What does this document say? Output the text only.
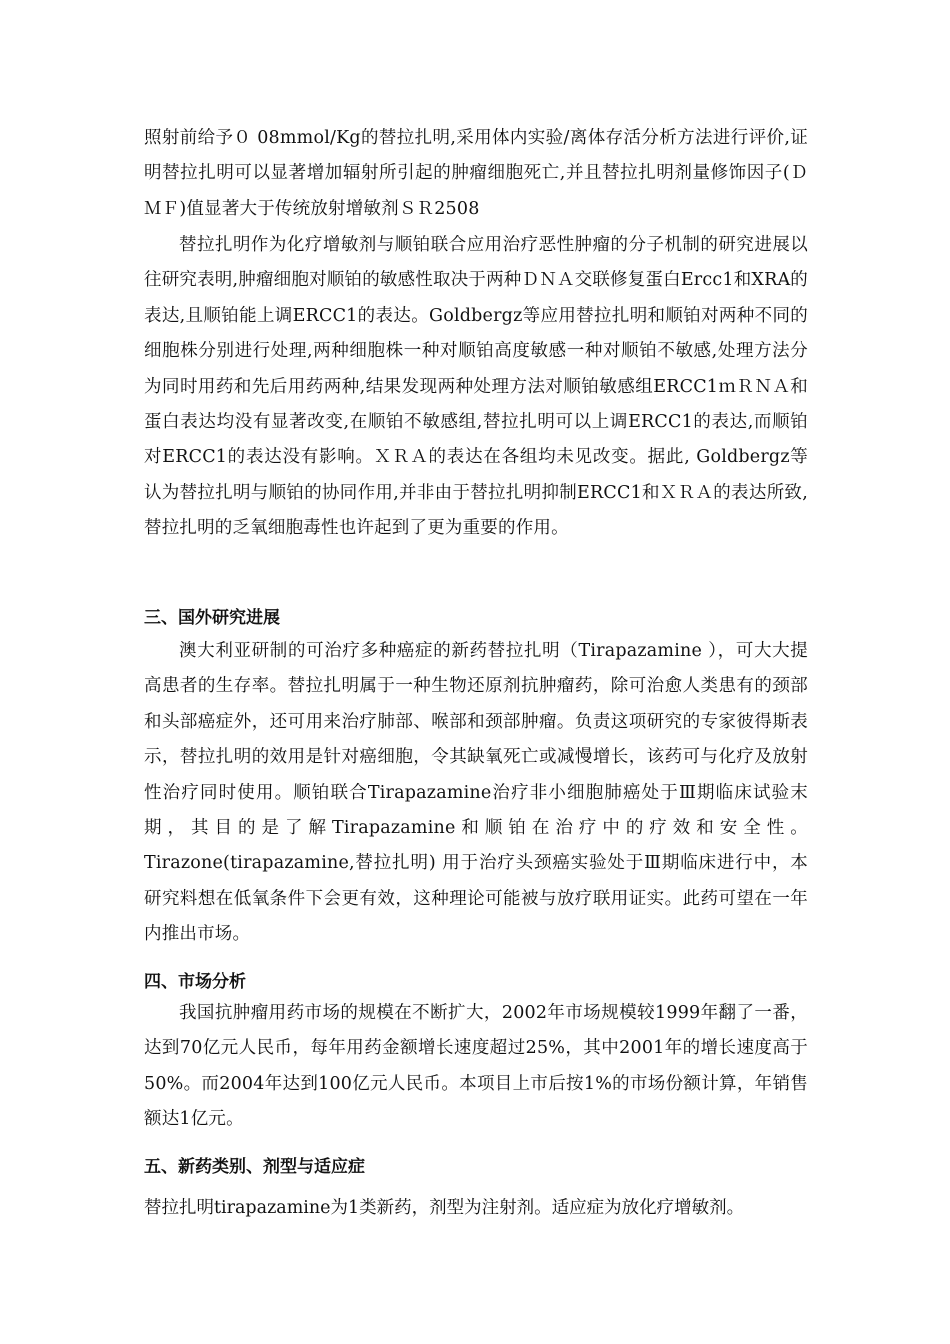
照射前给予０ 08mmol/Kg的替拉扎明,采用体内实验/离体存活分析方法进行评价,证明替拉扎明可以显著增加辐射所引起的肿瘤细胞死亡,并且替拉扎明剂量修饰因子(ＤＭＦ)值显著大于传统放射增敏剂ＳＲ2508
替拉扎明作为化疗增敏剂与顺铂联合应用治疗恶性肿瘤的分子机制的研究进展以往研究表明,肿瘤细胞对顺铂的敏感性取决于两种ＤＮＡ交联修复蛋白Ercc1和XRA的表达,且顺铂能上调ERCC1的表达。Goldbergz等应用替拉扎明和顺铂对两种不同的细胞株分别进行处理,两种细胞株一种对顺铂高度敏感一种对顺铂不敏感,处理方法分为同时用药和先后用药两种,结果发现两种处理方法对顺铂敏感组ERCC1ｍＲＮＡ和蛋白表达均没有显著改变,在顺铂不敏感组,替拉扎明可以上调ERCC1的表达,而顺铂对ERCC1的表达没有影响。ＸＲＡ的表达在各组均未见改变。据此, Goldbergz等认为替拉扎明与顺铂的协同作用,并非由于替拉扎明抑制ERCC1和ＸＲＡ的表达所致,替拉扎明的乏氧细胞毒性也许起到了更为重要的作用。
三、国外研究进展
澳大利亚研制的可治疗多种癌症的新药替拉扎明（Tirapazamine ），可大大提高患者的生存率。替拉扎明属于一种生物还原剂抗肿瘤药，除可治愈人类患有的颈部和头部癌症外，还可用来治疗肺部、喉部和颈部肿瘤。负责这项研究的专家彼得斯表示，替拉扎明的效用是针对癌细胞，令其缺氧死亡或减慢增长，该药可与化疗及放射性治疗同时使用。顺铂联合Tirapazamine治疗非小细胞肺癌处于Ⅲ期临床试验末期，其目的是了解Tirapazamine和顺铂在治疗中的疗效和安全性。 Tirazone(tirapazamine,替拉扎明) 用于治疗头颈癌实验处于Ⅲ期临床进行中，本研究料想在低氧条件下会更有效，这种理论可能被与放疗联用证实。此药可望在一年内推出市场。
四、市场分析
我国抗肿瘤用药市场的规模在不断扩大，2002年市场规模较1999年翻了一番，达到70亿元人民币，每年用药金额增长速度超过25%，其中2001年的增长速度高于50%。而2004年达到100亿元人民币。本项目上市后按1%的市场份额计算，年销售额达1亿元。
五、新药类别、剂型与适应症
替拉扎明tirapazamine为1类新药，剂型为注射剂。适应症为放化疗增敏剂。
